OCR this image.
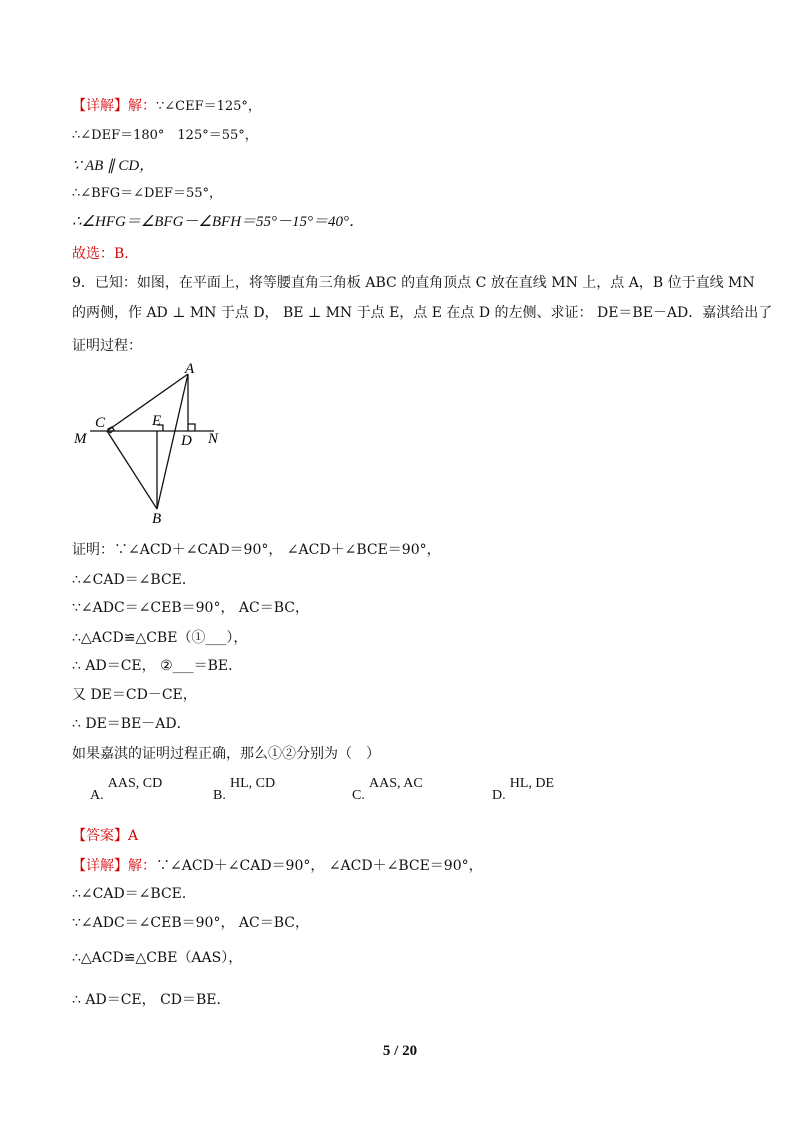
【详解】解：∵∠CEF＝125°，
∴∠DEF＝180°　125°＝55°，
∵ AB ∥ CD，
∴∠BFG＝∠DEF＝55°，
∴∠HFG＝∠BFG－∠BFH＝55°－15°＝40°．
故选：B．
9．已知：如图，在平面上，将等腰直角三角板 ABC 的直角顶点 C 放在直线 MN 上，点 A，B 位于直线 MN
的两侧，作 AD ⊥ MN 于点 D， BE ⊥ MN 于点 E，点 E 在点 D 的左侧、求证： DE＝BE－AD．嘉淇给出了
证明过程：
A
B
C
D
E
M	N
证明：∵∠ACD＋∠CAD＝90°， ∠ACD＋∠BCE＝90°，
∴∠CAD＝∠BCE．
∵∠ADC＝∠CEB＝90°， AC＝BC，
∴△ACD≌△CBE（①___），
∴ AD＝CE， ②___＝BE．
又 DE＝CD－CE，
∴ DE＝BE－AD．
如果嘉淇的证明过程正确，那么①②分别为（　）
A. AAS, CD
B. HL, CD
C. AAS, AC
D. HL, DE
【答案】A
【详解】解：∵∠ACD＋∠CAD＝90°， ∠ACD＋∠BCE＝90°，
∴∠CAD＝∠BCE．
∵∠ADC＝∠CEB＝90°， AC＝BC，
∴△ACD≌△CBE（AAS），
∴ AD＝CE， CD＝BE．
5 / 20
